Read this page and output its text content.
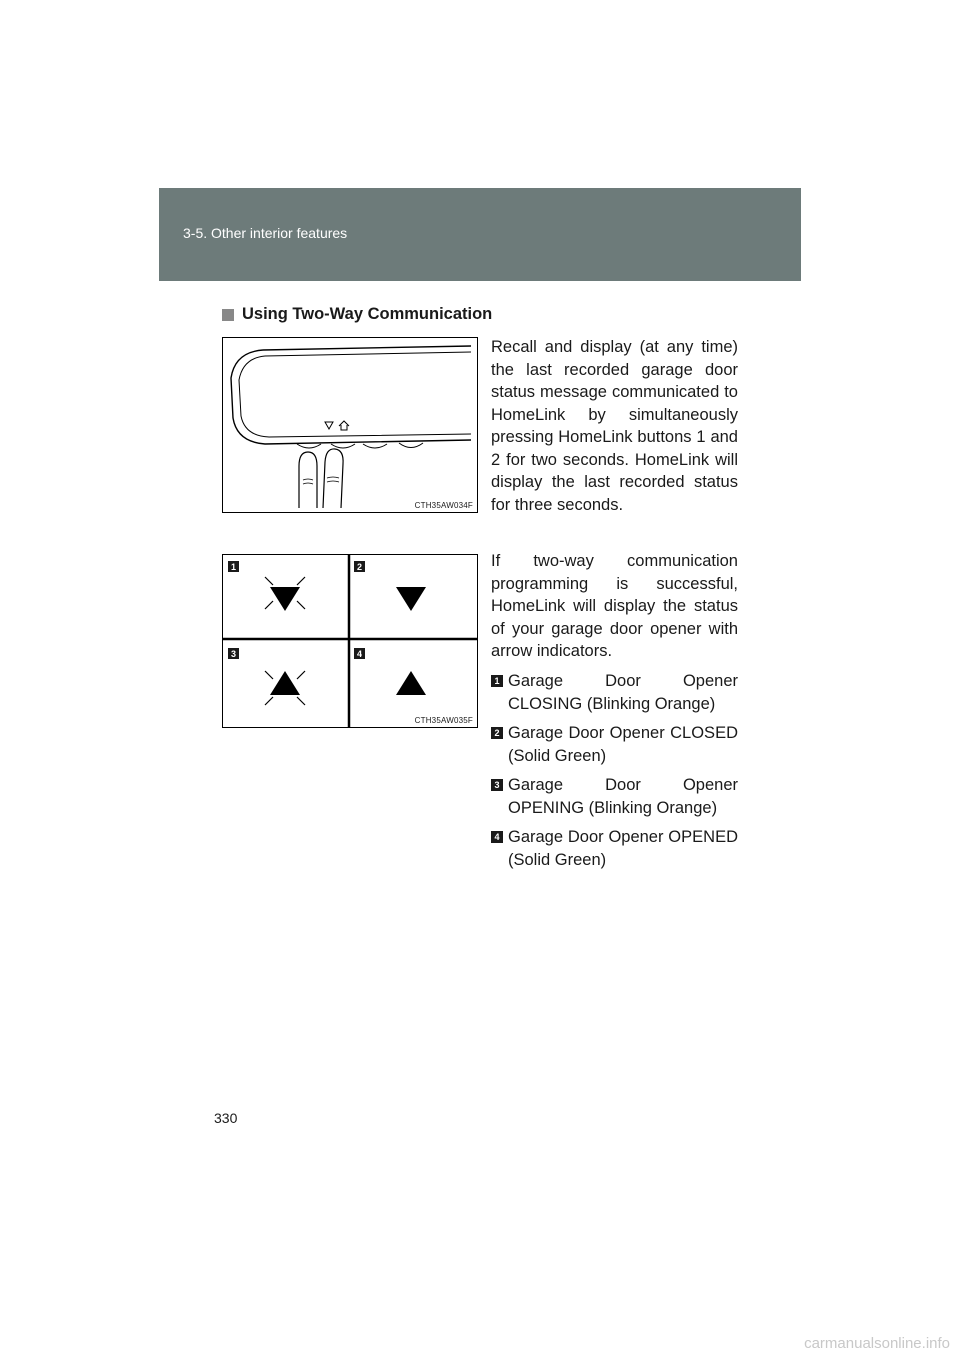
3-5. Other interior features
Using Two-Way Communication
CTH35AW034F

Recall and display (at any time) the last recorded garage door status message communicated to HomeLink by simultaneously pressing HomeLink buttons 1 and 2 for two seconds. HomeLink will display the last recorded status for three seconds.

1	2
3	4
CTH35AW035F

If two-way communication programming is successful, HomeLink will display the status of your garage door opener with arrow indicators.

1 Garage Door Opener CLOSING (Blinking Orange)
2 Garage Door Opener CLOSED (Solid Green)
3 Garage Door Opener OPENING (Blinking Orange)
4 Garage Door Opener OPENED (Solid Green)
330
carmanualsonline.info
